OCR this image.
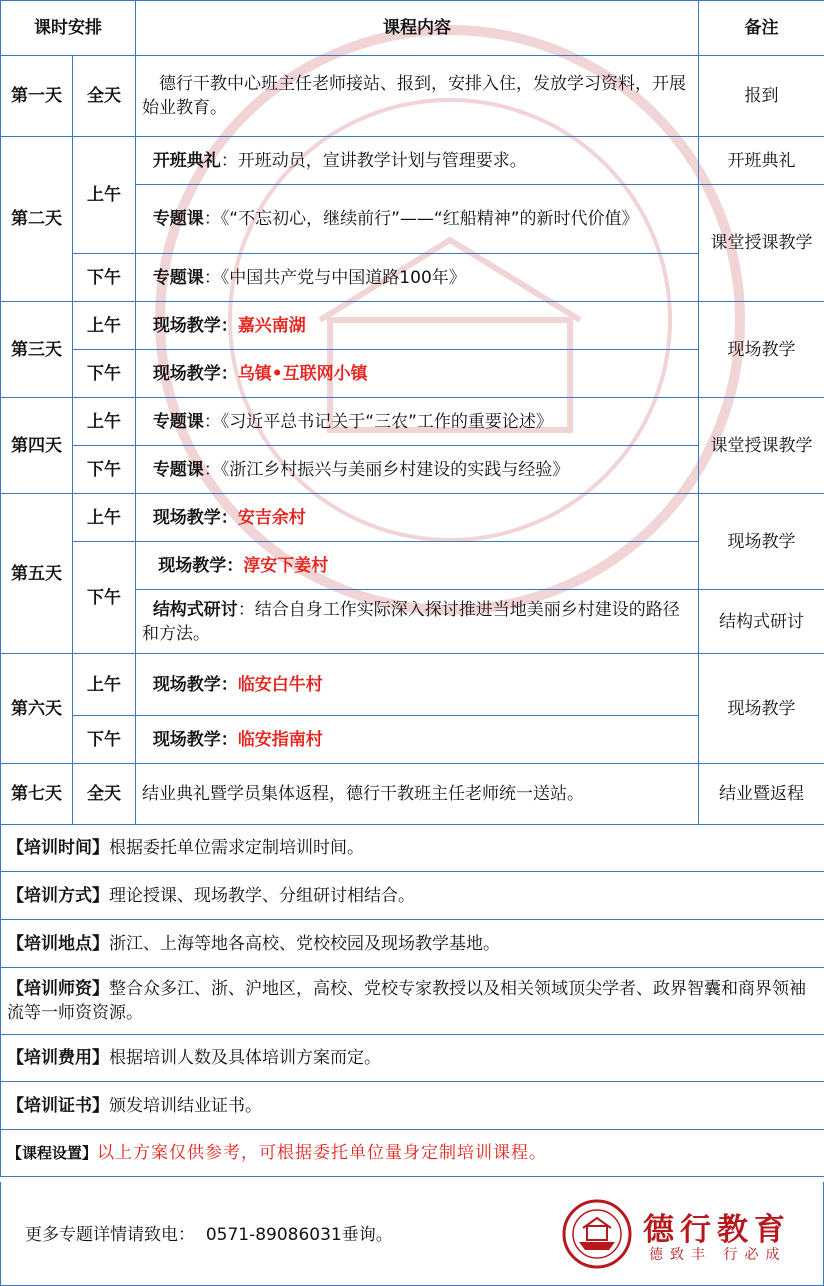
课时安排		课程内容	备注
第一天	全天	德行干教中心班主任老师接站、报到，安排入住，发放学习资料，开展始业教育。	报到
第二天	上午	开班典礼：开班动员，宣讲教学计划与管理要求。	开班典礼
		专题课：《“不忘初心，继续前行”——“红船精神”的新时代价值》	课堂授课教学
	下午	专题课：《中国共产党与中国道路100年》	
第三天	上午	现场教学：嘉兴南湖	现场教学
	下午	现场教学：乌镇•互联网小镇	
第四天	上午	专题课：《习近平总书记关于“三农”工作的重要论述》	课堂授课教学
	下午	专题课：《浙江乡村振兴与美丽乡村建设的实践与经验》	
第五天	上午	现场教学：安吉余村	现场教学
	下午	现场教学：淳安下姜村	
		结构式研讨：结合自身工作实际深入探讨推进当地美丽乡村建设的路径和方法。	结构式研讨
第六天	上午	现场教学：临安白牛村	现场教学
	下午	现场教学：临安指南村	
第七天	全天	结业典礼暨学员集体返程，德行干教班主任老师统一送站。	结业暨返程
【培训时间】根据委托单位需求定制培训时间。			
【培训方式】理论授课、现场教学、分组研讨相结合。			
【培训地点】浙江、上海等地各高校、党校校园及现场教学基地。			
【培训师资】整合众多江、浙、沪地区，高校、党校专家教授以及相关领域顶尖学者、政界智囊和商界领袖流等一师资资源。			
【培训费用】根据培训人数及具体培训方案而定。			
【培训证书】颁发培训结业证书。			
【课程设置】以上方案仅供参考，可根据委托单位量身定制培训课程。			
更多专题详情请致电： 0571-89086031垂询。	德行教育
德致丰 行必成
